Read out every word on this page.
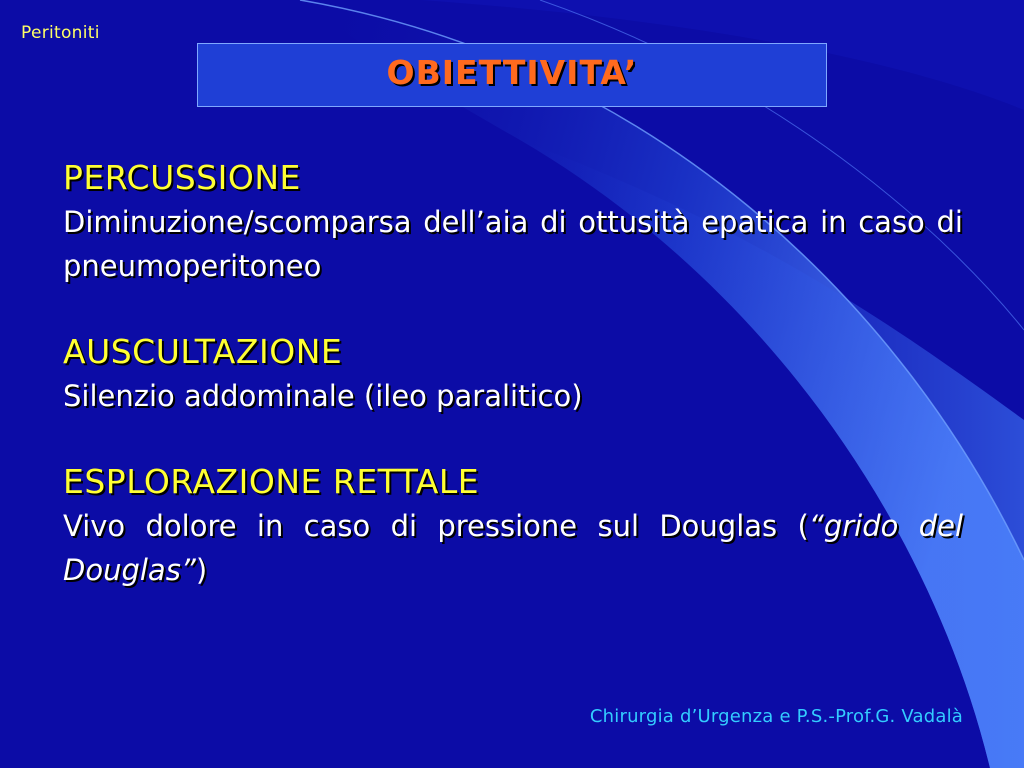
Peritoniti
OBIETTIVITA’
PERCUSSIONE
Diminuzione/scomparsa dell’aia di ottusità epatica in caso di pneumoperitoneo
AUSCULTAZIONE
Silenzio addominale (ileo paralitico)
ESPLORAZIONE RETTALE
Vivo dolore in caso di pressione sul Douglas (“grido del Douglas”)
Chirurgia d’Urgenza e P.S.-Prof.G. Vadalà
